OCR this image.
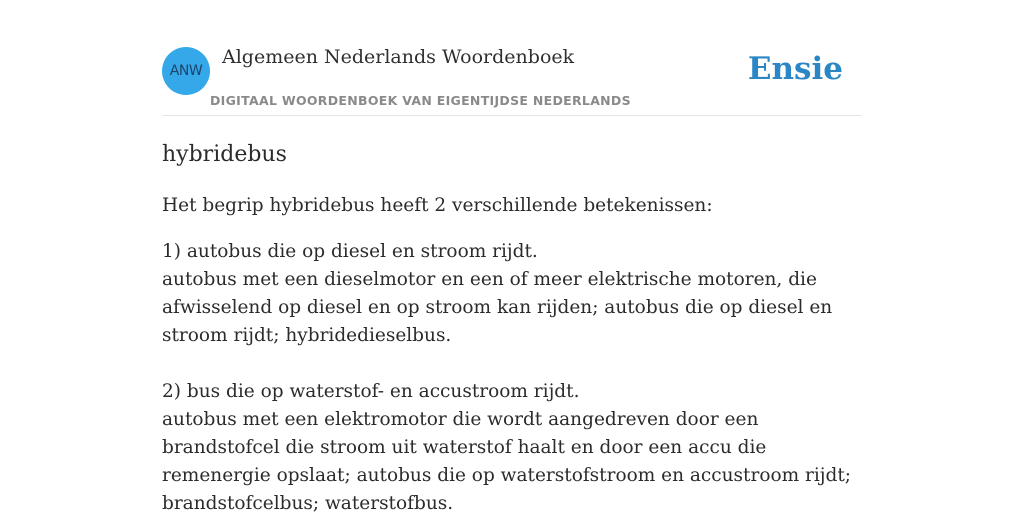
ANW
Algemeen Nederlands Woordenboek
DIGITAAL WOORDENBOEK VAN EIGENTIJDSE NEDERLANDS
Ensie
hybridebus

Het begrip hybridebus heeft 2 verschillende betekenissen:

1) autobus die op diesel en stroom rijdt.

autobus met een dieselmotor en een of meer elektrische motoren, die afwisselend op diesel en op stroom kan rijden; autobus die op diesel en stroom rijdt; hybridedieselbus.

2) bus die op waterstof- en accustroom rijdt.

autobus met een elektromotor die wordt aangedreven door een brandstofcel die stroom uit waterstof haalt en door een accu die remenergie opslaat; autobus die op waterstofstroom en accustroom rijdt; brandstofcelbus; waterstofbus.
